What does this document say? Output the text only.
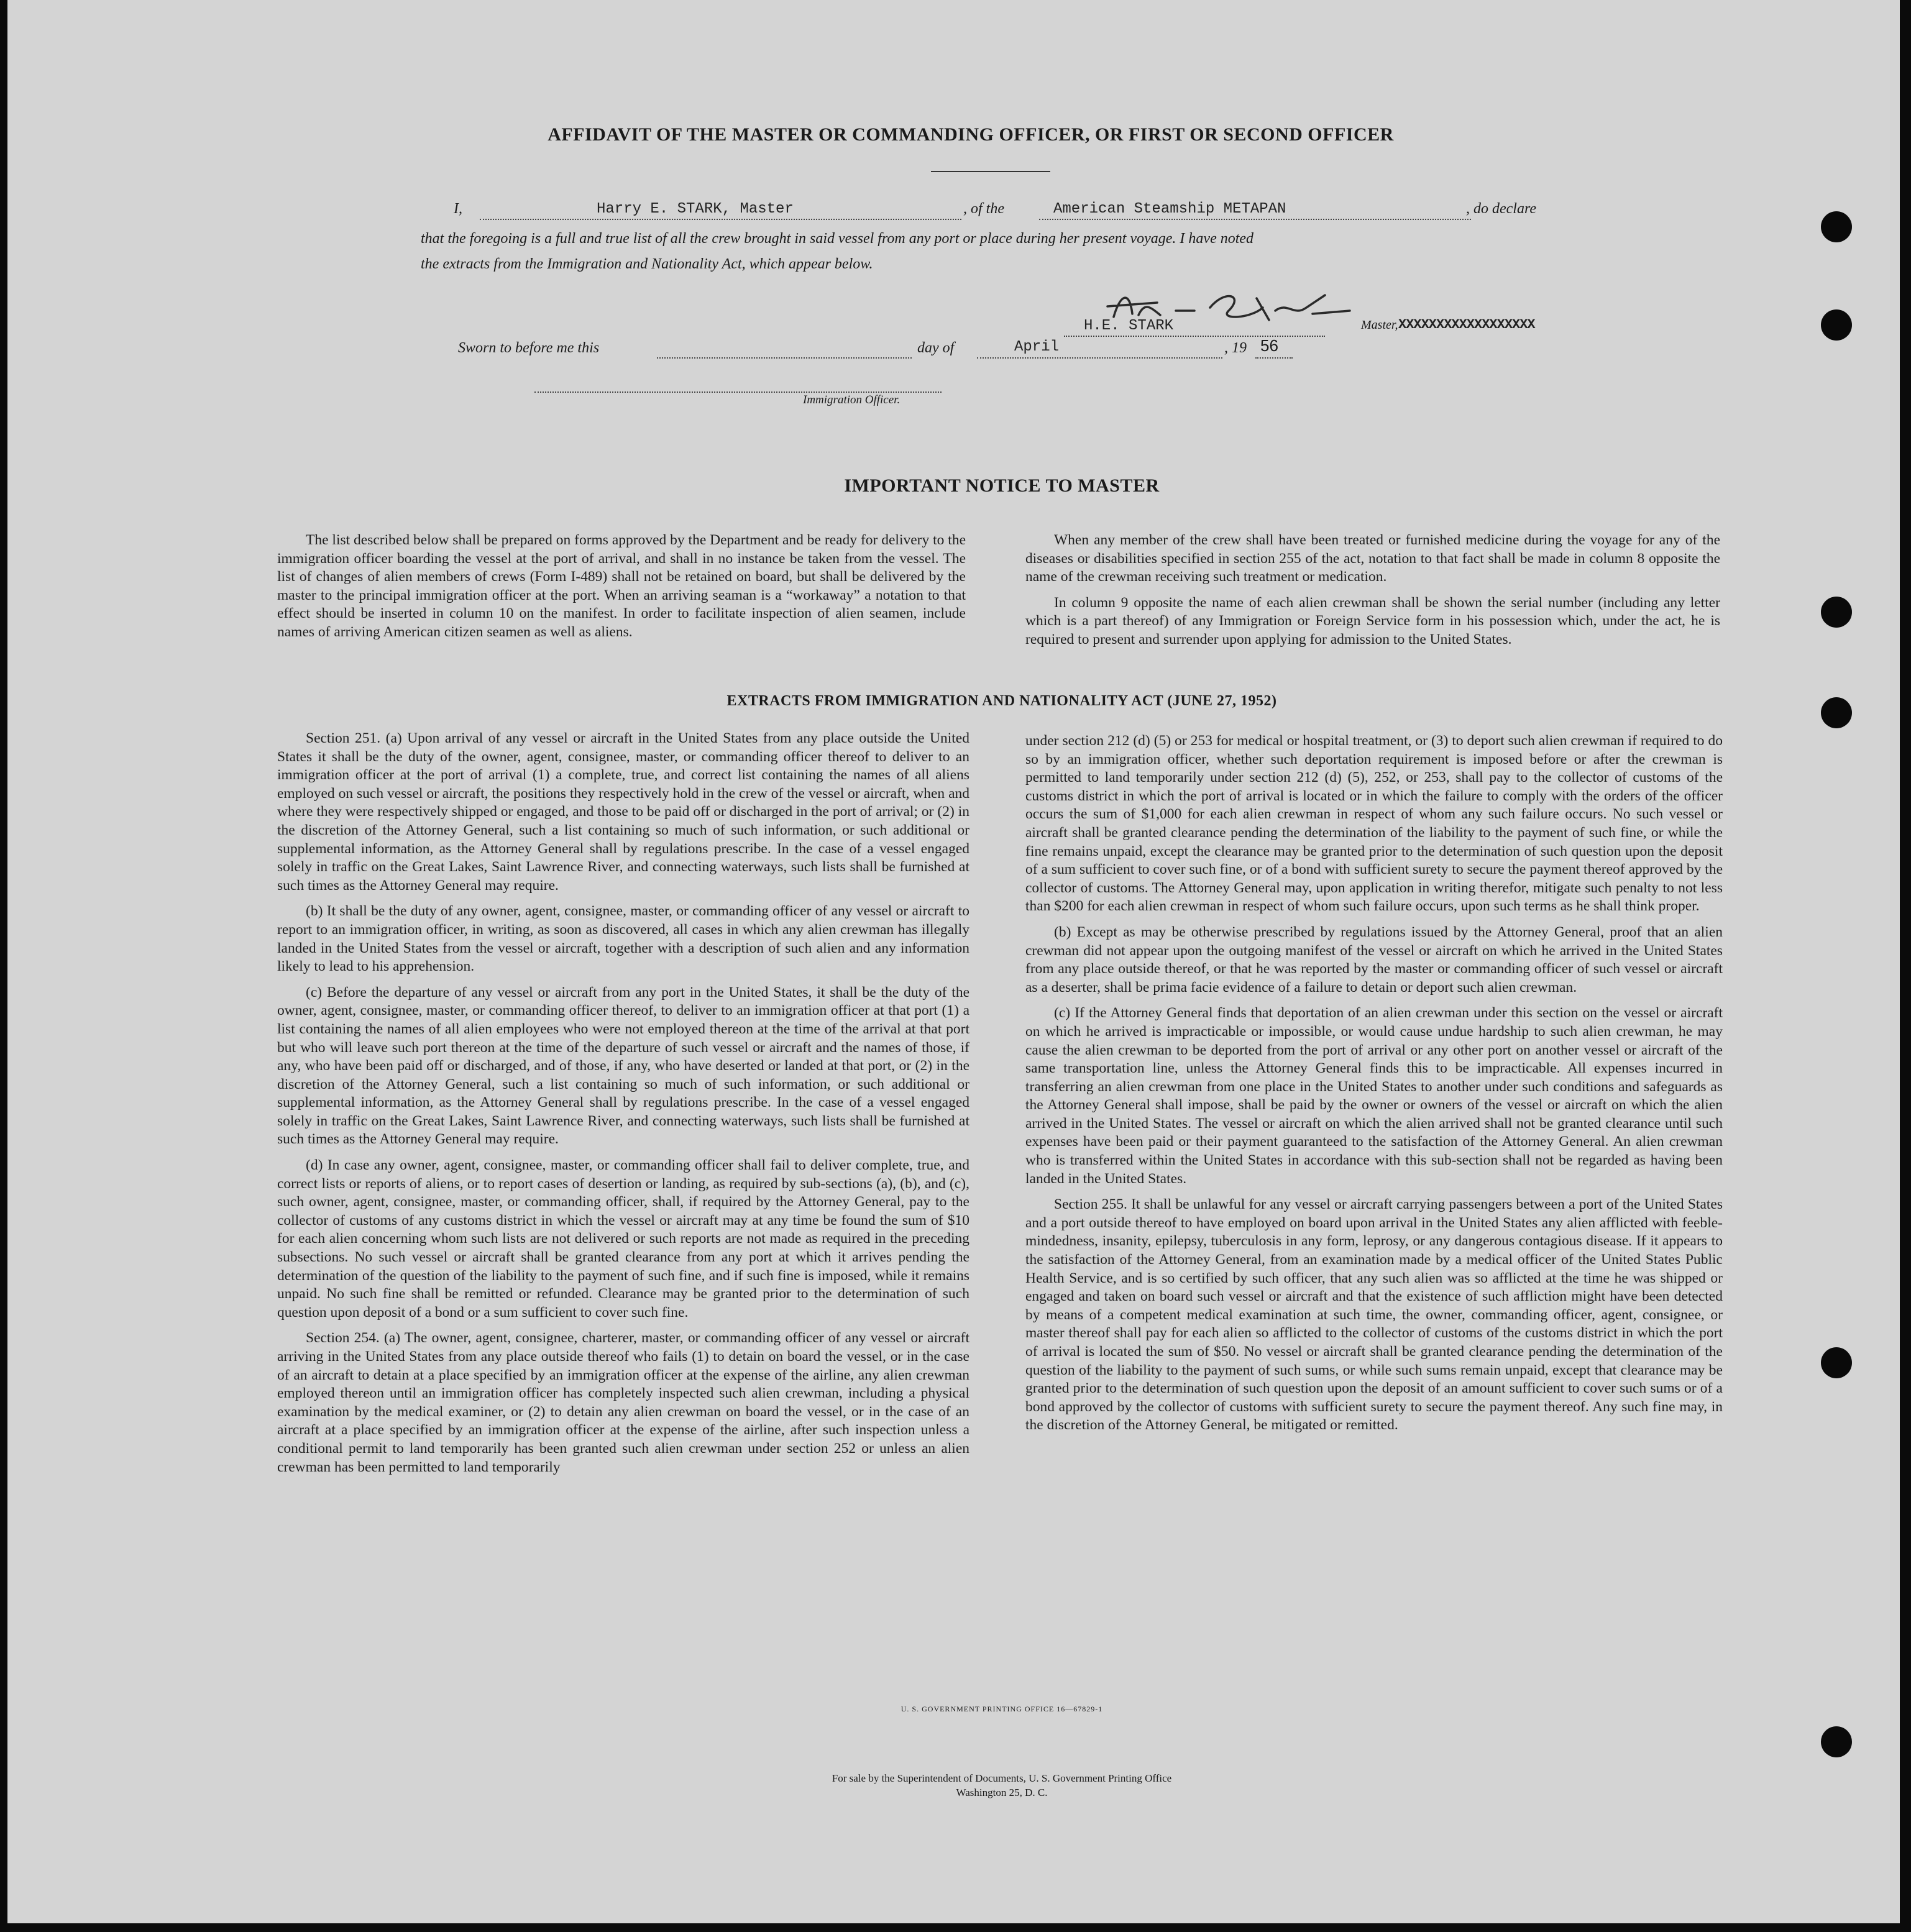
AFFIDAVIT OF THE MASTER OR COMMANDING OFFICER, OR FIRST OR SECOND OFFICER
I,	Harry E. STARK, Master	, of the	American Steamship METAPAN	, do declare
that the foregoing is a full and true list of all the crew brought in said vessel from any port or place during her present voyage. I have noted
the extracts from the Immigration and Nationality Act, which appear below.
H.E. STARK	Master, XXXXXXXXXXXXXXXXXX
Sworn to before me this	day of	April	, 19 56
Immigration Officer.
IMPORTANT NOTICE TO MASTER

The list described below shall be prepared on forms approved by the Department and be ready for delivery to the immigration officer boarding the vessel at the port of arrival, and shall in no instance be taken from the vessel. The list of changes of alien members of crews (Form I-489) shall not be retained on board, but shall be delivered by the master to the principal immigration officer at the port. When an arriving seaman is a “workaway” a notation to that effect should be inserted in column 10 on the manifest. In order to facilitate inspection of alien seamen, include names of arriving American citizen seamen as well as aliens.

When any member of the crew shall have been treated or furnished medicine during the voyage for any of the diseases or disabilities specified in section 255 of the act, notation to that fact shall be made in column 8 opposite the name of the crewman receiving such treatment or medication.

In column 9 opposite the name of each alien crewman shall be shown the serial number (including any letter which is a part thereof) of any Immigration or Foreign Service form in his possession which, under the act, he is required to present and surrender upon applying for admission to the United States.

EXTRACTS FROM IMMIGRATION AND NATIONALITY ACT (JUNE 27, 1952)

Section 251. (a) Upon arrival of any vessel or aircraft in the United States from any place outside the United States it shall be the duty of the owner, agent, consignee, master, or commanding officer thereof to deliver to an immigration officer at the port of arrival (1) a complete, true, and correct list containing the names of all aliens employed on such vessel or aircraft, the positions they respectively hold in the crew of the vessel or aircraft, when and where they were respectively shipped or engaged, and those to be paid off or discharged in the port of arrival; or (2) in the discretion of the Attorney General, such a list containing so much of such information, or such additional or supplemental information, as the Attorney General shall by regulations prescribe. In the case of a vessel engaged solely in traffic on the Great Lakes, Saint Lawrence River, and connecting waterways, such lists shall be furnished at such times as the Attorney General may require.

(b) It shall be the duty of any owner, agent, consignee, master, or commanding officer of any vessel or aircraft to report to an immigration officer, in writing, as soon as discovered, all cases in which any alien crewman has illegally landed in the United States from the vessel or aircraft, together with a description of such alien and any information likely to lead to his apprehension.

(c) Before the departure of any vessel or aircraft from any port in the United States, it shall be the duty of the owner, agent, consignee, master, or commanding officer thereof, to deliver to an immigration officer at that port (1) a list containing the names of all alien employees who were not employed thereon at the time of the arrival at that port but who will leave such port thereon at the time of the departure of such vessel or aircraft and the names of those, if any, who have been paid off or discharged, and of those, if any, who have deserted or landed at that port, or (2) in the discretion of the Attorney General, such a list containing so much of such information, or such additional or supplemental information, as the Attorney General shall by regulations prescribe. In the case of a vessel engaged solely in traffic on the Great Lakes, Saint Lawrence River, and connecting waterways, such lists shall be furnished at such times as the Attorney General may require.

(d) In case any owner, agent, consignee, master, or commanding officer shall fail to deliver complete, true, and correct lists or reports of aliens, or to report cases of desertion or landing, as required by sub-sections (a), (b), and (c), such owner, agent, consignee, master, or commanding officer, shall, if required by the Attorney General, pay to the collector of customs of any customs district in which the vessel or aircraft may at any time be found the sum of $10 for each alien concerning whom such lists are not delivered or such reports are not made as required in the preceding subsections. No such vessel or aircraft shall be granted clearance from any port at which it arrives pending the determination of the question of the liability to the payment of such fine, and if such fine is imposed, while it remains unpaid. No such fine shall be remitted or refunded. Clearance may be granted prior to the determination of such question upon deposit of a bond or a sum sufficient to cover such fine.

Section 254. (a) The owner, agent, consignee, charterer, master, or commanding officer of any vessel or aircraft arriving in the United States from any place outside thereof who fails (1) to detain on board the vessel, or in the case of an aircraft to detain at a place specified by an immigration officer at the expense of the airline, any alien crewman employed thereon until an immigration officer has completely inspected such alien crewman, including a physical examination by the medical examiner, or (2) to detain any alien crewman on board the vessel, or in the case of an aircraft at a place specified by an immigration officer at the expense of the airline, after such inspection unless a conditional permit to land temporarily has been granted such alien crewman under section 252 or unless an alien crewman has been permitted to land temporarily

under section 212 (d) (5) or 253 for medical or hospital treatment, or (3) to deport such alien crewman if required to do so by an immigration officer, whether such deportation requirement is imposed before or after the crewman is permitted to land temporarily under section 212 (d) (5), 252, or 253, shall pay to the collector of customs of the customs district in which the port of arrival is located or in which the failure to comply with the orders of the officer occurs the sum of $1,000 for each alien crewman in respect of whom any such failure occurs. No such vessel or aircraft shall be granted clearance pending the determination of the liability to the payment of such fine, or while the fine remains unpaid, except the clearance may be granted prior to the determination of such question upon the deposit of a sum sufficient to cover such fine, or of a bond with sufficient surety to secure the payment thereof approved by the collector of customs. The Attorney General may, upon application in writing therefor, mitigate such penalty to not less than $200 for each alien crewman in respect of whom such failure occurs, upon such terms as he shall think proper.

(b) Except as may be otherwise prescribed by regulations issued by the Attorney General, proof that an alien crewman did not appear upon the outgoing manifest of the vessel or aircraft on which he arrived in the United States from any place outside thereof, or that he was reported by the master or commanding officer of such vessel or aircraft as a deserter, shall be prima facie evidence of a failure to detain or deport such alien crewman.

(c) If the Attorney General finds that deportation of an alien crewman under this section on the vessel or aircraft on which he arrived is impracticable or impossible, or would cause undue hardship to such alien crewman, he may cause the alien crewman to be deported from the port of arrival or any other port on another vessel or aircraft of the same transportation line, unless the Attorney General finds this to be impracticable. All expenses incurred in transferring an alien crewman from one place in the United States to another under such conditions and safeguards as the Attorney General shall impose, shall be paid by the owner or owners of the vessel or aircraft on which the alien arrived in the United States. The vessel or aircraft on which the alien arrived shall not be granted clearance until such expenses have been paid or their payment guaranteed to the satisfaction of the Attorney General. An alien crewman who is transferred within the United States in accordance with this sub-section shall not be regarded as having been landed in the United States.

Section 255. It shall be unlawful for any vessel or aircraft carrying passengers between a port of the United States and a port outside thereof to have employed on board upon arrival in the United States any alien afflicted with feeble-mindedness, insanity, epilepsy, tuberculosis in any form, leprosy, or any dangerous contagious disease. If it appears to the satisfaction of the Attorney General, from an examination made by a medical officer of the United States Public Health Service, and is so certified by such officer, that any such alien was so afflicted at the time he was shipped or engaged and taken on board such vessel or aircraft and that the existence of such affliction might have been detected by means of a competent medical examination at such time, the owner, commanding officer, agent, consignee, or master thereof shall pay for each alien so afflicted to the collector of customs of the customs district in which the port of arrival is located the sum of $50. No vessel or aircraft shall be granted clearance pending the determination of the question of the liability to the payment of such sums, or while such sums remain unpaid, except that clearance may be granted prior to the determination of such question upon the deposit of an amount sufficient to cover such sums or of a bond approved by the collector of customs with sufficient surety to secure the payment thereof. Any such fine may, in the discretion of the Attorney General, be mitigated or remitted.

U. S. GOVERNMENT PRINTING OFFICE 16—67829-1
For sale by the Superintendent of Documents, U. S. Government Printing Office
Washington 25, D. C.
